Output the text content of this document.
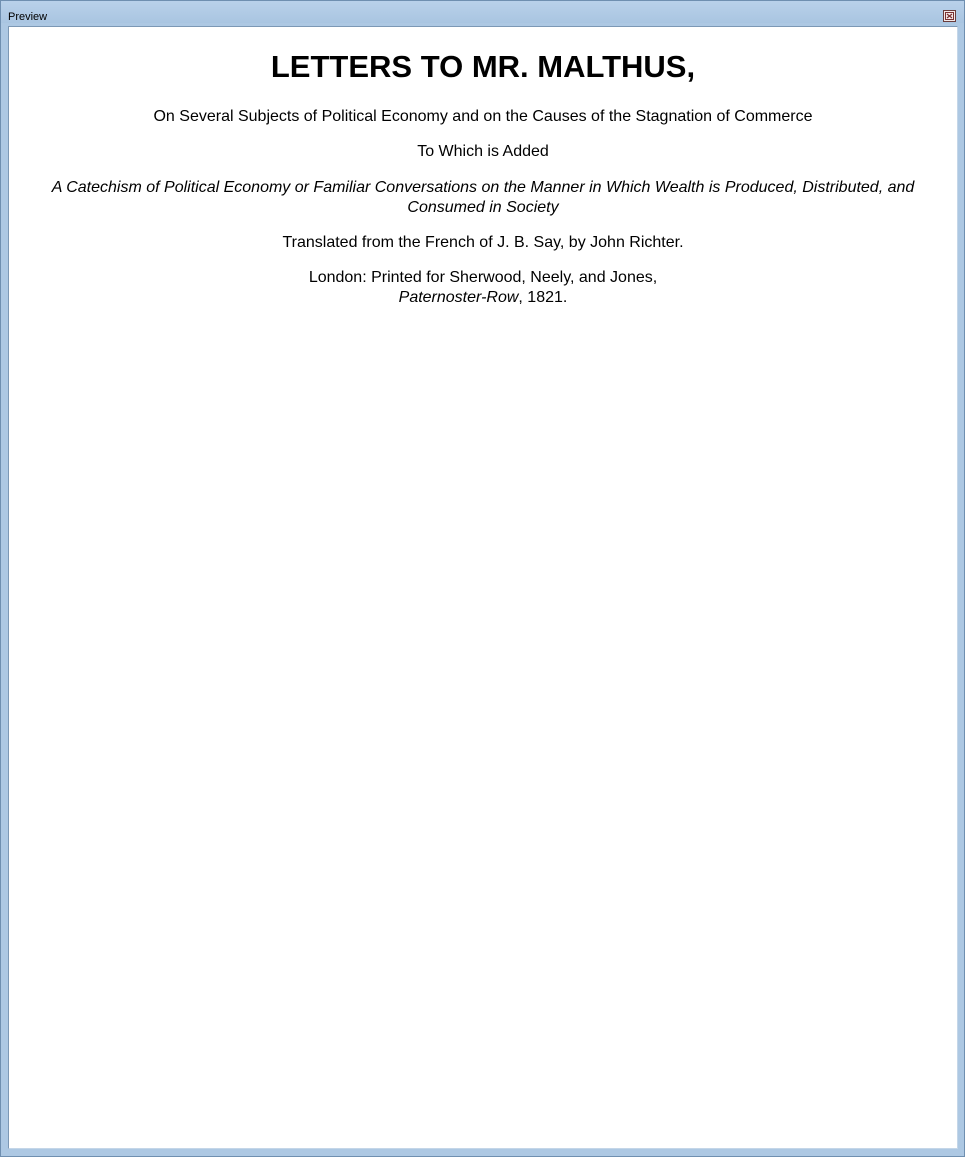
Preview
LETTERS TO MR. MALTHUS,

On Several Subjects of Political Economy and on the Causes of the Stagnation of Commerce

To Which is Added

A Catechism of Political Economy or Familiar Conversations on the Manner in Which Wealth is Produced, Distributed, and Consumed in Society

Translated from the French of J. B. Say, by John Richter.

London: Printed for Sherwood, Neely, and Jones,
Paternoster-Row, 1821.
